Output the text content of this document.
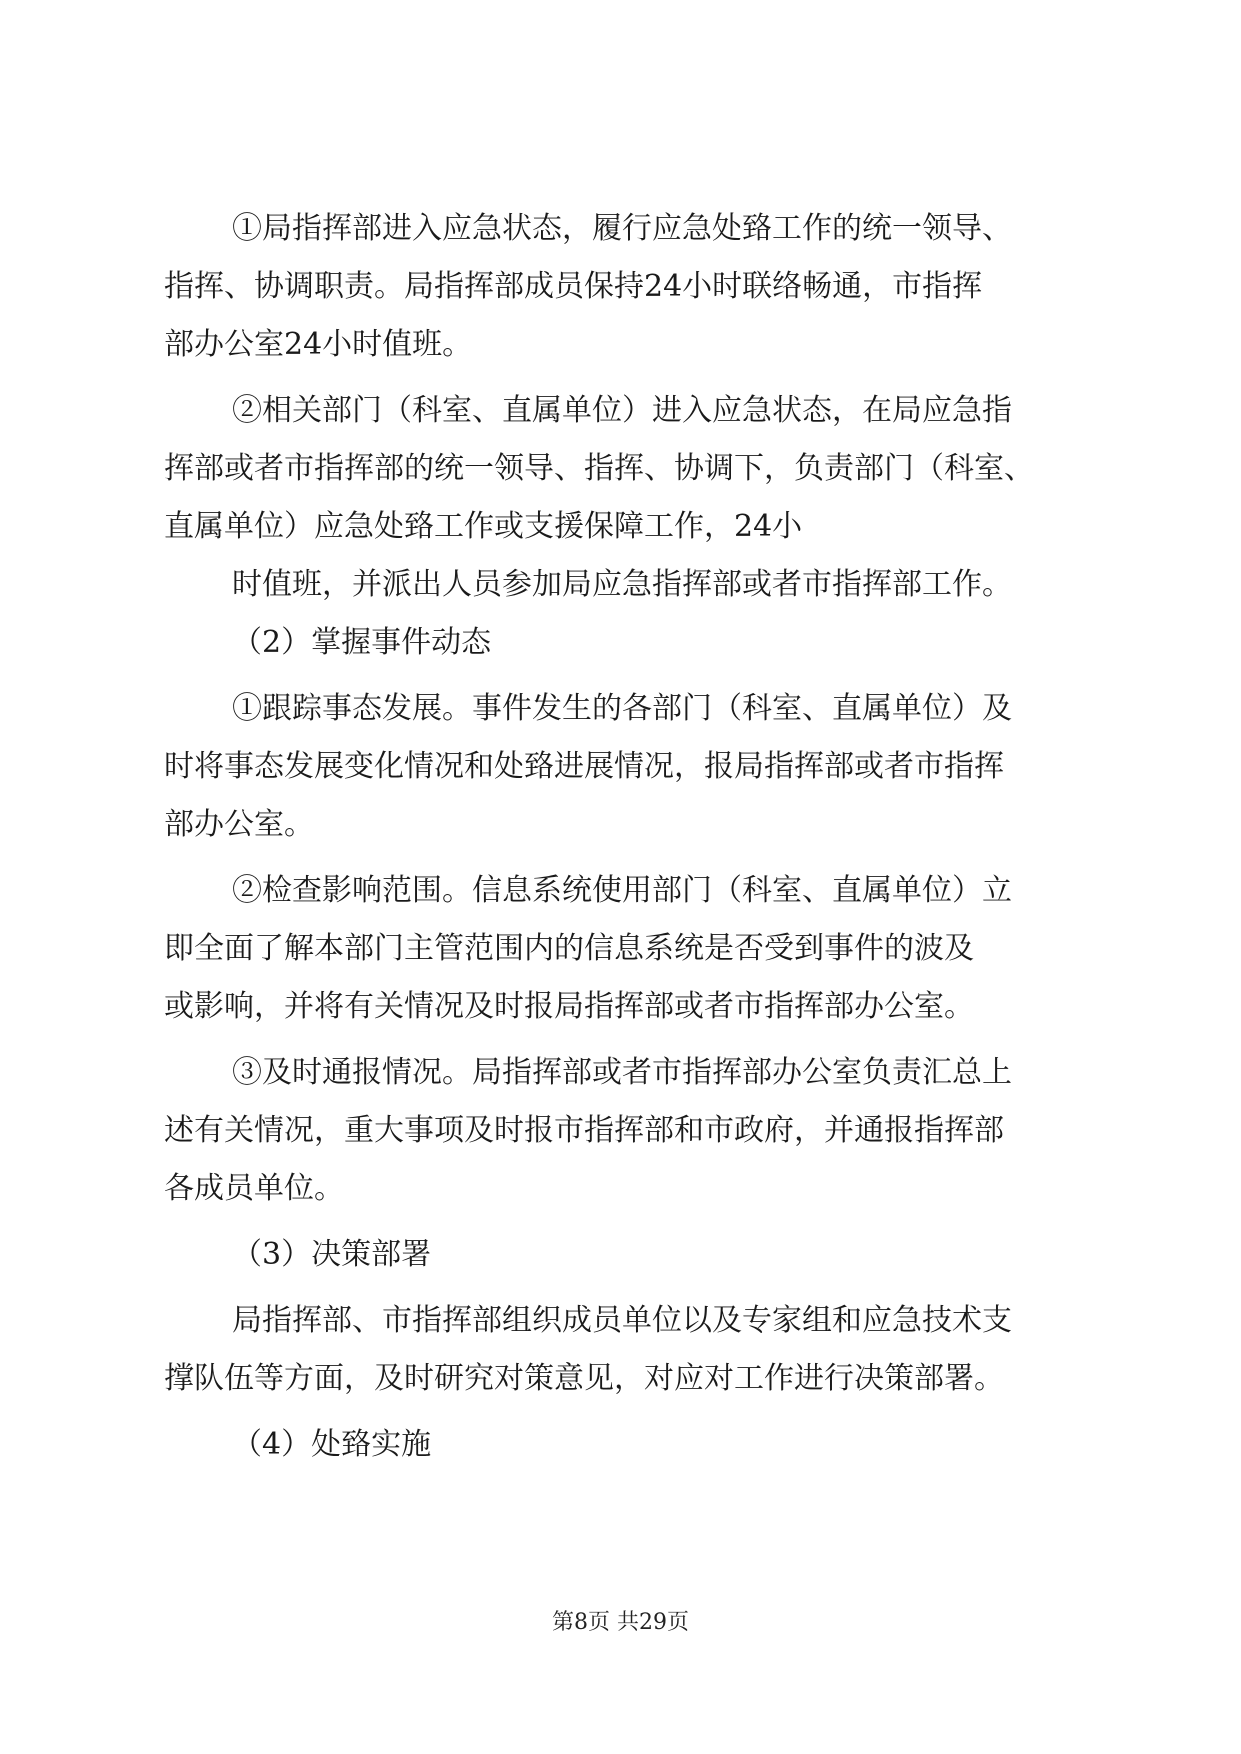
①局指挥部进入应急状态，履行应急处臵工作的统一领导、
指挥、协调职责。局指挥部成员保持24小时联络畅通，市指挥
部办公室24小时值班。
②相关部门（科室、直属单位）进入应急状态，在局应急指
挥部或者市指挥部的统一领导、指挥、协调下，负责部门（科室、
直属单位）应急处臵工作或支援保障工作，24小
时值班，并派出人员参加局应急指挥部或者市指挥部工作。
（2）掌握事件动态
①跟踪事态发展。事件发生的各部门（科室、直属单位）及
时将事态发展变化情况和处臵进展情况，报局指挥部或者市指挥
部办公室。
②检查影响范围。信息系统使用部门（科室、直属单位）立
即全面了解本部门主管范围内的信息系统是否受到事件的波及
或影响，并将有关情况及时报局指挥部或者市指挥部办公室。
③及时通报情况。局指挥部或者市指挥部办公室负责汇总上
述有关情况，重大事项及时报市指挥部和市政府，并通报指挥部
各成员单位。
（3）决策部署
局指挥部、市指挥部组织成员单位以及专家组和应急技术支
撑队伍等方面，及时研究对策意见，对应对工作进行决策部署。
（4）处臵实施
第8页 共29页
